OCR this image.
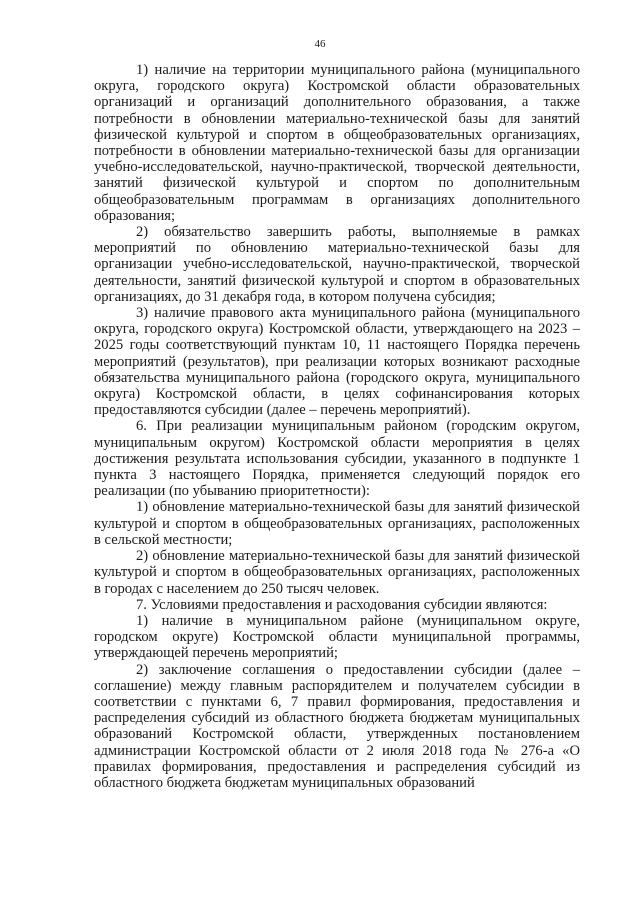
46

1) наличие на территории муниципального района (муниципального округа, городского округа) Костромской области образовательных организаций и организаций дополнительного образования, а также потребности в обновлении материально-технической базы для занятий физической культурой и спортом в общеобразовательных организациях, потребности в обновлении материально-технической базы для организации учебно-исследовательской, научно-практической, творческой деятельности, занятий физической культурой и спортом по дополнительным общеобразовательным программам в организациях дополнительного образования;

2) обязательство завершить работы, выполняемые в рамках мероприятий по обновлению материально-технической базы для организации учебно-исследовательской, научно-практической, творческой деятельности, занятий физической культурой и спортом в образовательных организациях, до 31 декабря года, в котором получена субсидия;

3) наличие правового акта муниципального района (муниципального округа, городского округа) Костромской области, утверждающего на 2023 – 2025 годы соответствующий пунктам 10, 11 настоящего Порядка перечень мероприятий (результатов), при реализации которых возникают расходные обязательства муниципального района (городского округа, муниципального округа) Костромской области, в целях софинансирования которых предоставляются субсидии (далее – перечень мероприятий).

6. При реализации муниципальным районом (городским округом, муниципальным округом) Костромской области мероприятия в целях достижения результата использования субсидии, указанного в подпункте 1 пункта 3 настоящего Порядка, применяется следующий порядок его реализации (по убыванию приоритетности):

1) обновление материально-технической базы для занятий физической культурой и спортом в общеобразовательных организациях, расположенных в сельской местности;

2) обновление материально-технической базы для занятий физической культурой и спортом в общеобразовательных организациях, расположенных в городах с населением до 250 тысяч человек.

7. Условиями предоставления и расходования субсидии являются:

1) наличие в муниципальном районе (муниципальном округе, городском округе) Костромской области муниципальной программы, утверждающей перечень мероприятий;

2) заключение соглашения о предоставлении субсидии (далее – соглашение) между главным распорядителем и получателем субсидии в соответствии с пунктами 6, 7 правил формирования, предоставления и распределения субсидий из областного бюджета бюджетам муниципальных образований Костромской области, утвержденных постановлением администрации Костромской области от 2 июля 2018 года № 276-а «О правилах формирования, предоставления и распределения субсидий из областного бюджета бюджетам муниципальных образований
